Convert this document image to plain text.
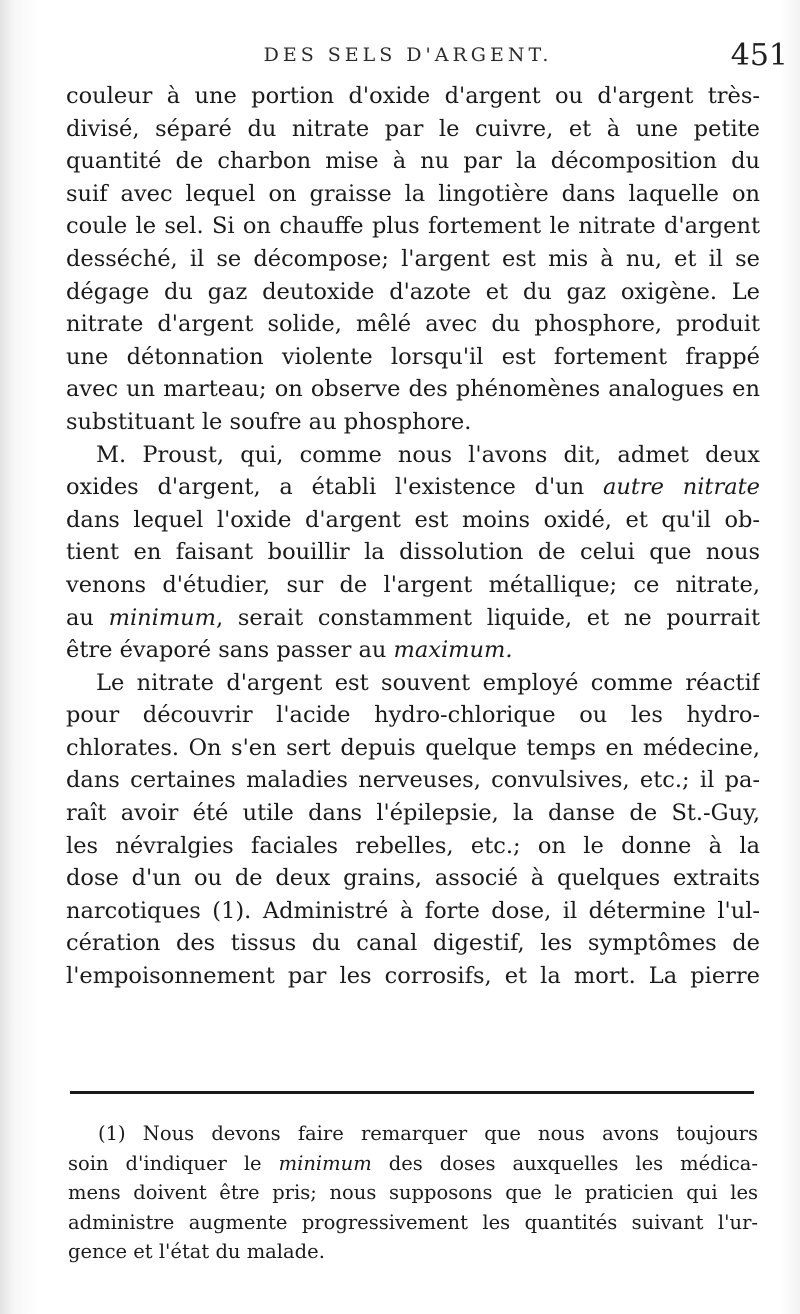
DES SELS D'ARGENT.	451
couleur à une portion d'oxide d'argent ou d'argent très-
divisé, séparé du nitrate par le cuivre, et à une petite
quantité de charbon mise à nu par la décomposition du
suif avec lequel on graisse la lingotière dans laquelle on
coule le sel. Si on chauffe plus fortement le nitrate d'argent
desséché, il se décompose; l'argent est mis à nu, et il se
dégage du gaz deutoxide d'azote et du gaz oxigène. Le
nitrate d'argent solide, mêlé avec du phosphore, produit
une détonnation violente lorsqu'il est fortement frappé
avec un marteau; on observe des phénomènes analogues en
substituant le soufre au phosphore.
M. Proust, qui, comme nous l'avons dit, admet deux
oxides d'argent, a établi l'existence d'un autre nitrate
dans lequel l'oxide d'argent est moins oxidé, et qu'il ob-
tient en faisant bouillir la dissolution de celui que nous
venons d'étudier, sur de l'argent métallique; ce nitrate,
au minimum, serait constamment liquide, et ne pourrait
être évaporé sans passer au maximum.
Le nitrate d'argent est souvent employé comme réactif
pour découvrir l'acide hydro-chlorique ou les hydro-
chlorates. On s'en sert depuis quelque temps en médecine,
dans certaines maladies nerveuses, convulsives, etc.; il pa-
raît avoir été utile dans l'épilepsie, la danse de St.-Guy,
les névralgies faciales rebelles, etc.; on le donne à la
dose d'un ou de deux grains, associé à quelques extraits
narcotiques (1). Administré à forte dose, il détermine l'ul-
cération des tissus du canal digestif, les symptômes de
l'empoisonnement par les corrosifs, et la mort. La pierre
(1) Nous devons faire remarquer que nous avons toujours
soin d'indiquer le minimum des doses auxquelles les médica-
mens doivent être pris; nous supposons que le praticien qui les
administre augmente progressivement les quantités suivant l'ur-
gence et l'état du malade.
